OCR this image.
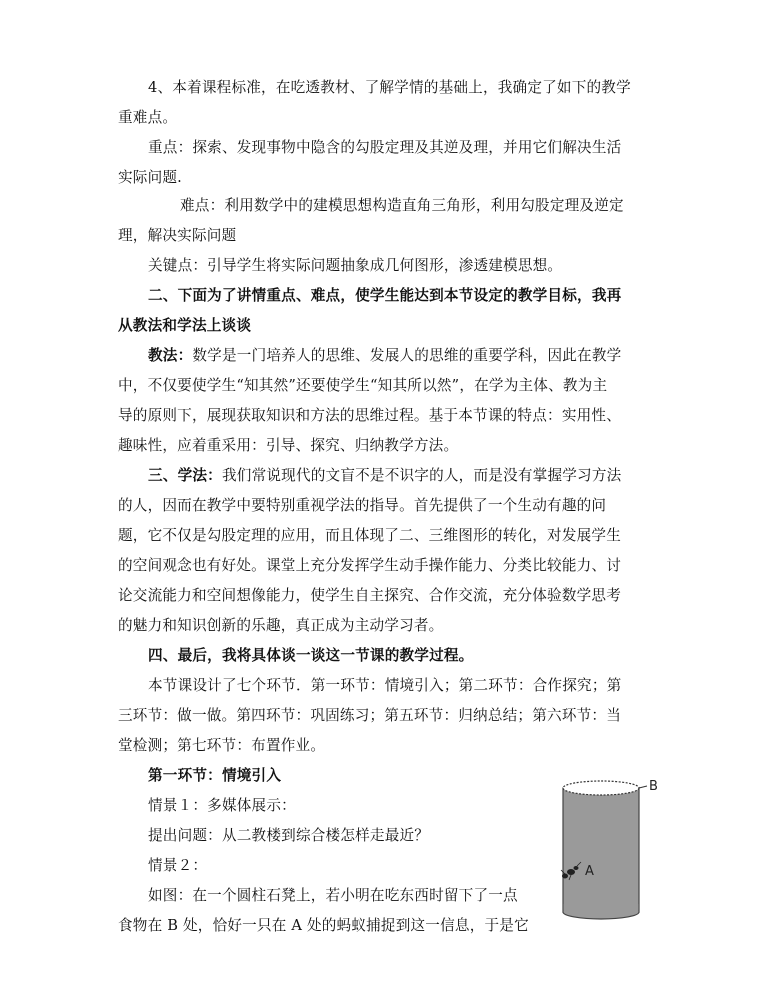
4、本着课程标准，在吃透教材、了解学情的基础上，我确定了如下的教学
重难点。
重点：探索、发现事物中隐含的勾股定理及其逆及理，并用它们解决生活
实际问题.
难点：利用数学中的建模思想构造直角三角形，利用勾股定理及逆定
理，解决实际问题
关键点：引导学生将实际问题抽象成几何图形，渗透建模思想。
二、下面为了讲情重点、难点，使学生能达到本节设定的教学目标，我再
从教法和学法上谈谈
教法：数学是一门培养人的思维、发展人的思维的重要学科，因此在教学
中，不仅要使学生“知其然”还要使学生“知其所以然”，在学为主体、教为主
导的原则下，展现获取知识和方法的思维过程。基于本节课的特点：实用性、
趣味性，应着重采用：引导、探究、归纳教学方法。
三、学法：我们常说现代的文盲不是不识字的人，而是没有掌握学习方法
的人，因而在教学中要特别重视学法的指导。首先提供了一个生动有趣的问
题，它不仅是勾股定理的应用，而且体现了二、三维图形的转化，对发展学生
的空间观念也有好处。课堂上充分发挥学生动手操作能力、分类比较能力、讨
论交流能力和空间想像能力，使学生自主探究、合作交流，充分体验数学思考
的魅力和知识创新的乐趣，真正成为主动学习者。
四、最后，我将具体谈一谈这一节课的教学过程。
本节课设计了七个环节．第一环节：情境引入；第二环节：合作探究；第
三环节：做一做。第四环节：巩固练习；第五环节：归纳总结；第六环节：当
堂检测；第七环节：布置作业。
第一环节：情境引入
情景１：多媒体展示：
提出问题：从二教楼到综合楼怎样走最近？
情景２：
如图：在一个圆柱石凳上，若小明在吃东西时留下了一点
食物在 B 处，恰好一只在 A 处的蚂蚁捕捉到这一信息，于是它
B
A
